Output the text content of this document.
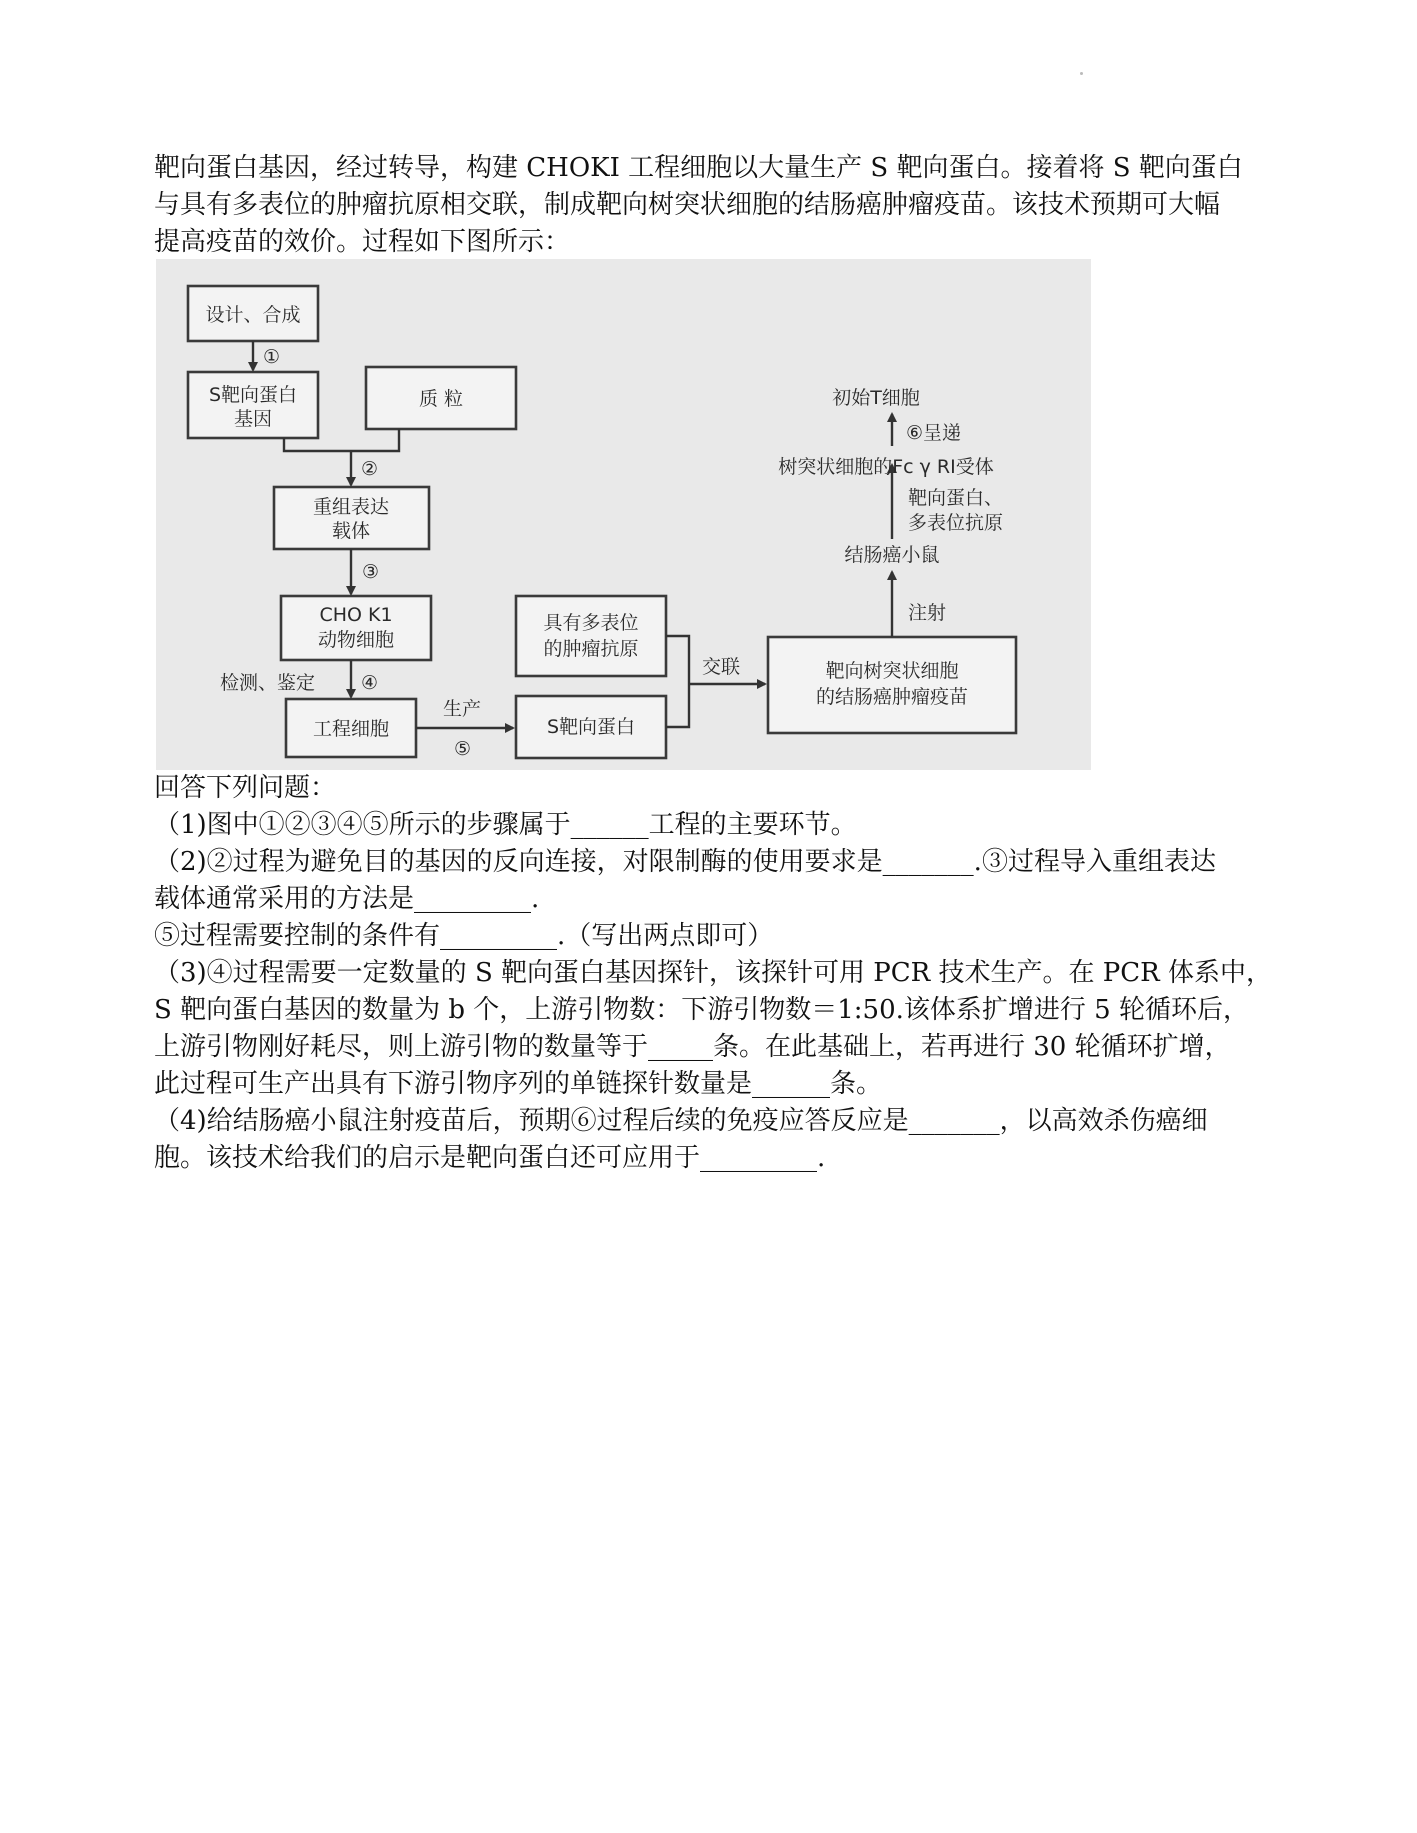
靶向蛋白基因，经过转导，构建 CHOKI 工程细胞以大量生产 S 靶向蛋白。接着将 S 靶向蛋白
与具有多表位的肿瘤抗原相交联，制成靶向树突状细胞的结肠癌肿瘤疫苗。该技术预期可大幅
提高疫苗的效价。过程如下图所示：
设计、合成
S靶向蛋白
基因
质 粒
重组表达
载体
CHO K1
动物细胞
工程细胞
具有多表位
的肿瘤抗原
S靶向蛋白
靶向树突状细胞
的结肠癌肿瘤疫苗
①
②
③
检测、鉴定 ④
生产
⑤
交联
注射
结肠癌小鼠
靶向蛋白、
多表位抗原
树突状细胞的Fc γ RI受体
⑥呈递
初始T细胞
回答下列问题：
（1)图中①②③④⑤所示的步骤属于______工程的主要环节。
（2)②过程为避免目的基因的反向连接，对限制酶的使用要求是_______.③过程导入重组表达
载体通常采用的方法是_________.
⑤过程需要控制的条件有_________.（写出两点即可）
（3)④过程需要一定数量的 S 靶向蛋白基因探针，该探针可用 PCR 技术生产。在 PCR 体系中，
S 靶向蛋白基因的数量为 b 个，上游引物数：下游引物数＝1:50.该体系扩增进行 5 轮循环后，
上游引物刚好耗尽，则上游引物的数量等于_____条。在此基础上，若再进行 30 轮循环扩增，
此过程可生产出具有下游引物序列的单链探针数量是______条。
（4)给结肠癌小鼠注射疫苗后，预期⑥过程后续的免疫应答反应是_______，以高效杀伤癌细
胞。该技术给我们的启示是靶向蛋白还可应用于_________.
